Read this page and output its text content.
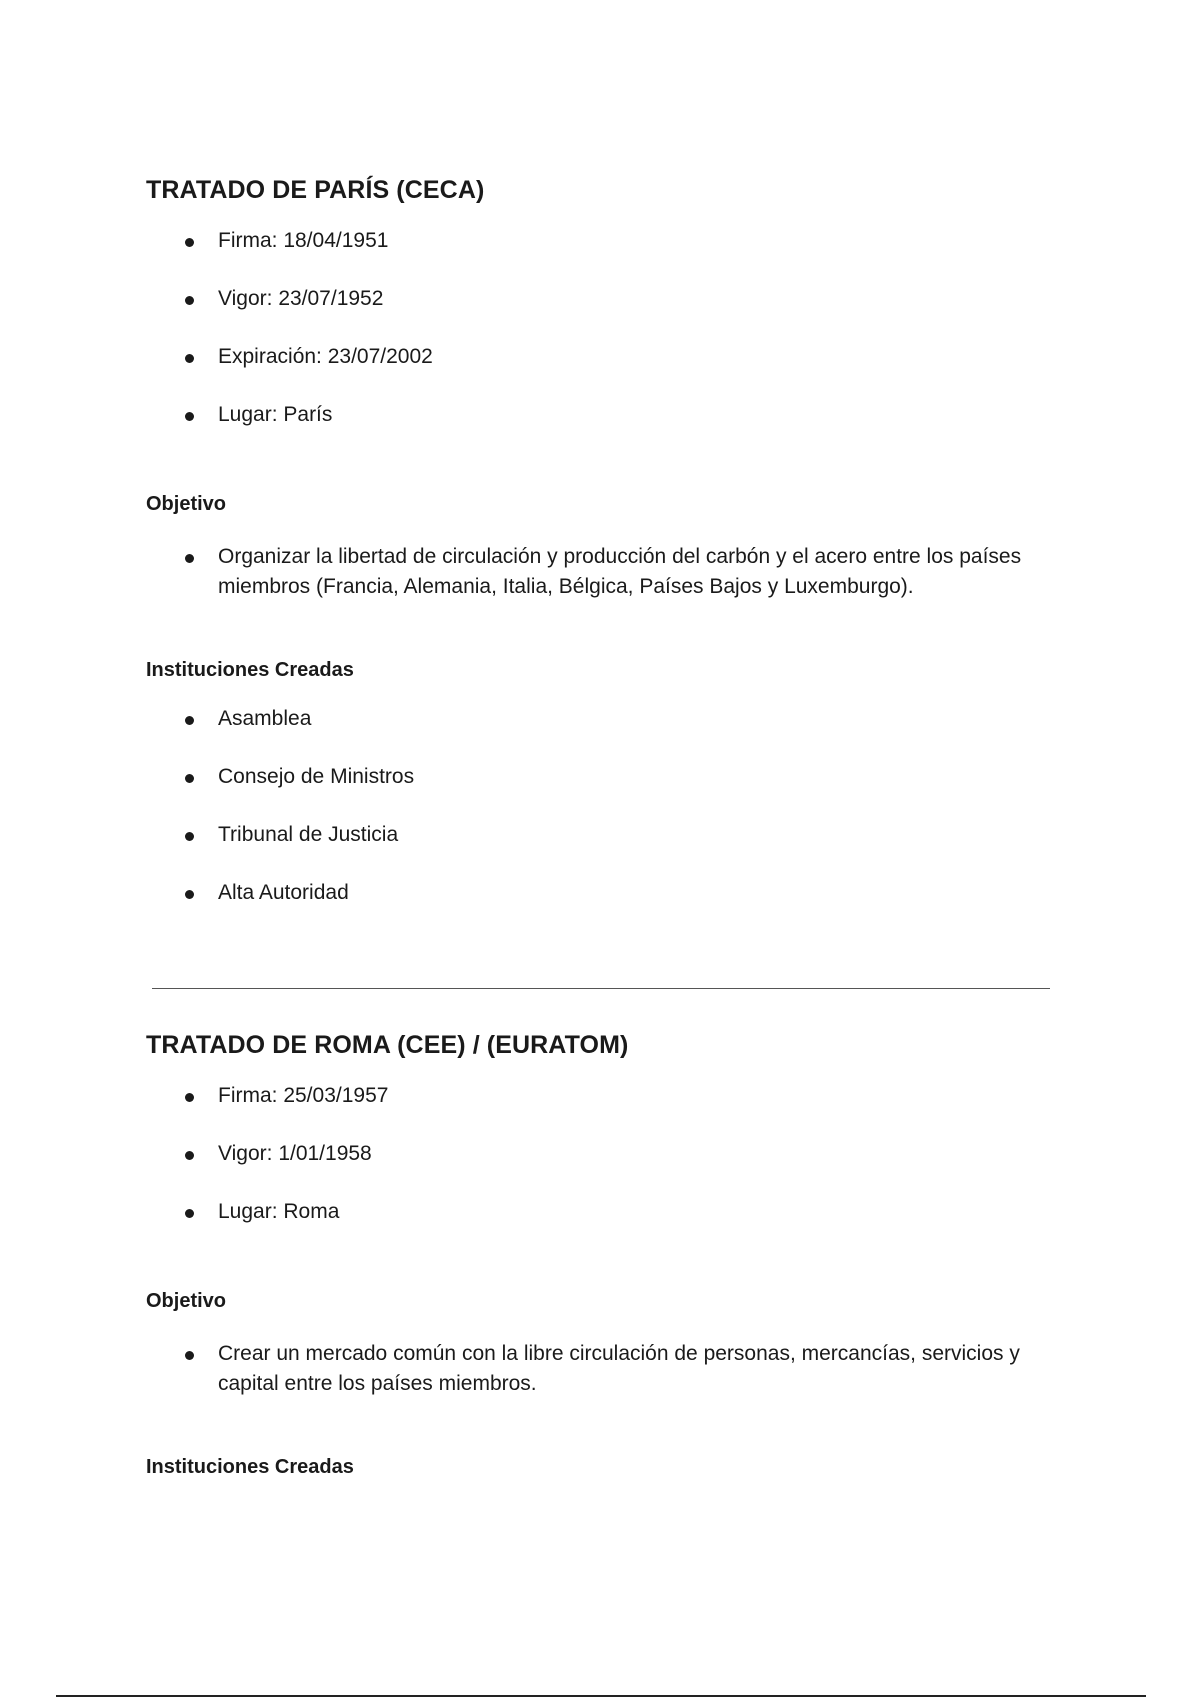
TRATADO DE PARÍS (CECA)
Firma: 18/04/1951
Vigor: 23/07/1952
Expiración: 23/07/2002
Lugar: París
Objetivo
Organizar la libertad de circulación y producción del carbón y el acero entre los países miembros (Francia, Alemania, Italia, Bélgica, Países Bajos y Luxemburgo).
Instituciones Creadas
Asamblea
Consejo de Ministros
Tribunal de Justicia
Alta Autoridad
TRATADO DE ROMA (CEE) / (EURATOM)
Firma: 25/03/1957
Vigor: 1/01/1958
Lugar: Roma
Objetivo
Crear un mercado común con la libre circulación de personas, mercancías, servicios y capital entre los países miembros.
Instituciones Creadas
